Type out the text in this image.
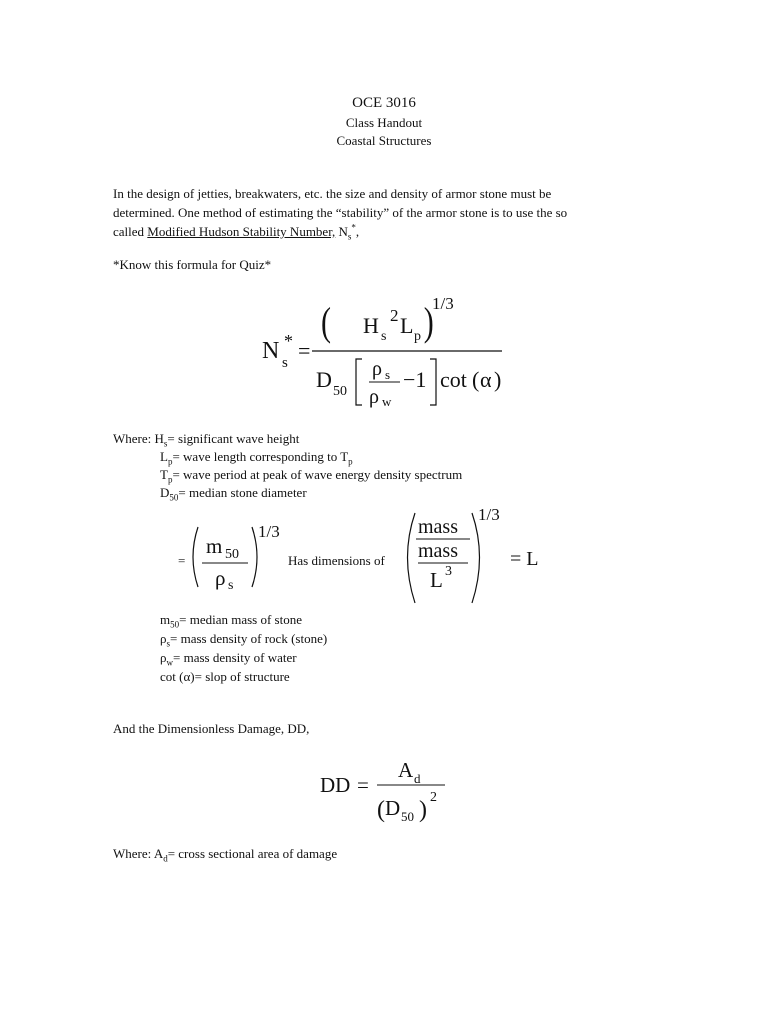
OCE 3016
Class Handout
Coastal Structures
In the design of jetties, breakwaters, etc. the size and density of armor stone must be
determined. One method of estimating the “stability” of the armor stone is to use the so
called Modified Hudson Stability Number, $N_s^*$,
*Know this formula for Quiz*
N s
* =
( H s
2 L p )
1/3
D 50
ρ s
ρ w
−1 cot ( α )
Where: $H_s=$ significant wave height
$L_p=$ wave length corresponding to $T_p$
$T_p=$ wave period at peak of wave energy density spectrum
$D_{50}=$ median stone diameter
=
m 50
ρ s
1/3
Has dimensions of
mass
mass
L 3
1/3
= L
$m_{50}=$ median mass of stone
$\rho_s=$ mass density of rock (stone)
$\rho_w=$ mass density of water
cot (α)= slop of structure
And the Dimensionless Damage, DD,
DD =
A d
( D 50 ) 2
Where: $A_d=$ cross sectional area of damage
